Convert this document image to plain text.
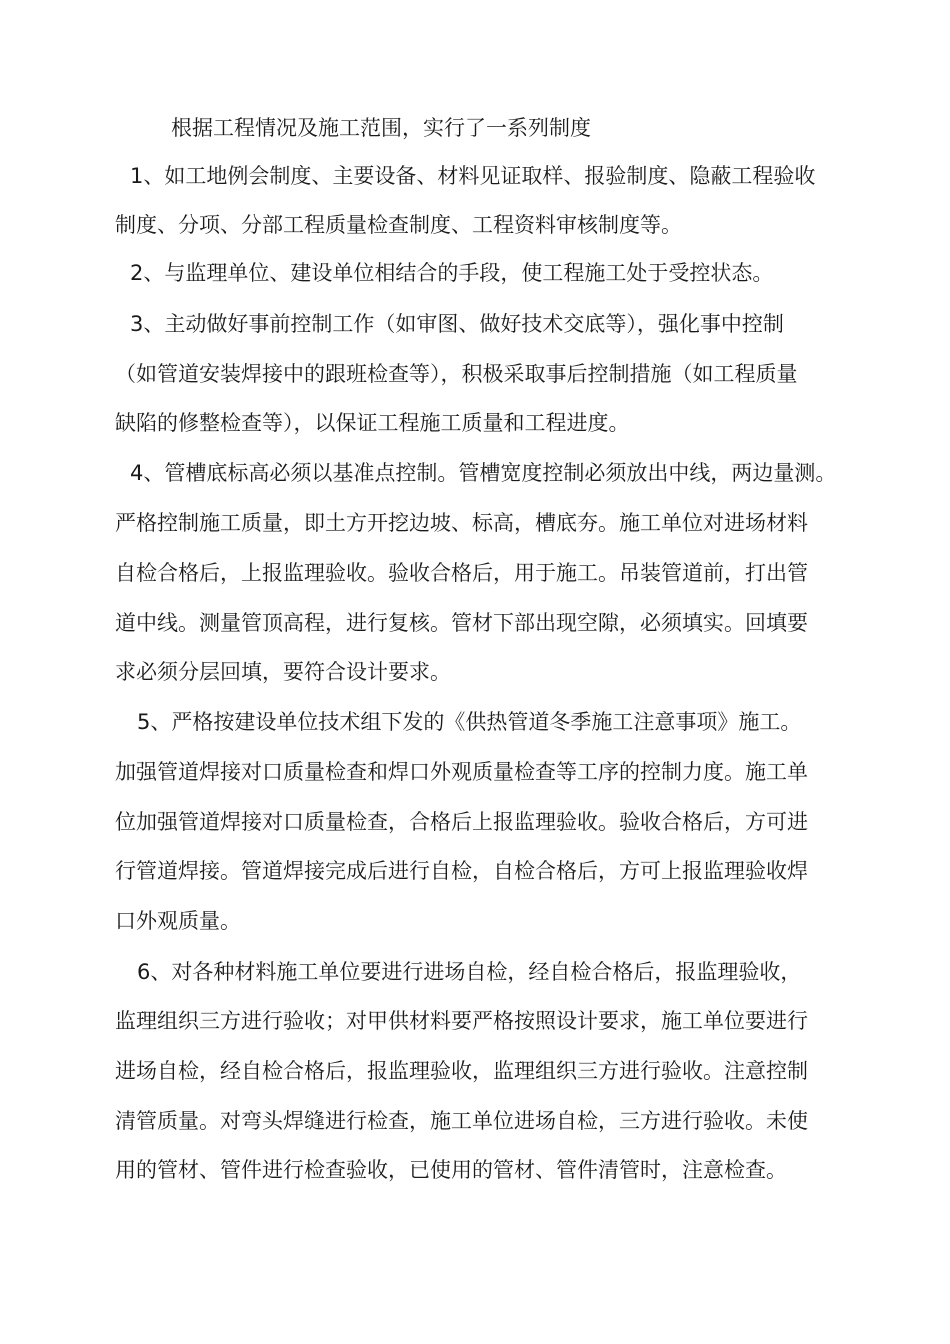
根据工程情况及施工范围，实行了一系列制度
1、如工地例会制度、主要设备、材料见证取样、报验制度、隐蔽工程验收
制度、分项、分部工程质量检查制度、工程资料审核制度等。
2、与监理单位、建设单位相结合的手段，使工程施工处于受控状态。
3、主动做好事前控制工作（如审图、做好技术交底等），强化事中控制
（如管道安装焊接中的跟班检查等），积极采取事后控制措施（如工程质量
缺陷的修整检查等），以保证工程施工质量和工程进度。
4、管槽底标高必须以基准点控制。管槽宽度控制必须放出中线，两边量测。
严格控制施工质量，即土方开挖边坡、标高，槽底夯。施工单位对进场材料
自检合格后，上报监理验收。验收合格后，用于施工。吊装管道前，打出管
道中线。测量管顶高程，进行复核。管材下部出现空隙，必须填实。回填要
求必须分层回填，要符合设计要求。
5、严格按建设单位技术组下发的《供热管道冬季施工注意事项》施工。
加强管道焊接对口质量检查和焊口外观质量检查等工序的控制力度。施工单
位加强管道焊接对口质量检查，合格后上报监理验收。验收合格后，方可进
行管道焊接。管道焊接完成后进行自检，自检合格后，方可上报监理验收焊
口外观质量。
6、对各种材料施工单位要进行进场自检，经自检合格后，报监理验收，
监理组织三方进行验收；对甲供材料要严格按照设计要求，施工单位要进行
进场自检，经自检合格后，报监理验收，监理组织三方进行验收。注意控制
清管质量。对弯头焊缝进行检查，施工单位进场自检，三方进行验收。未使
用的管材、管件进行检查验收，已使用的管材、管件清管时，注意检查。
